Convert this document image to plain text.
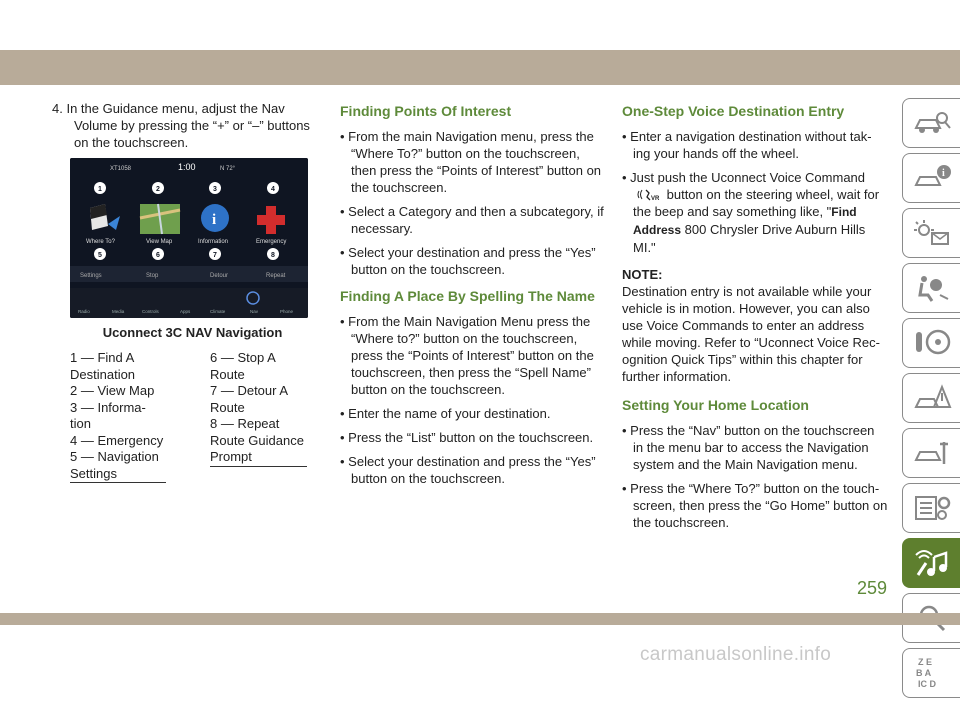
4. In the Guidance menu, adjust the Nav Volume by pressing the “+” or “–” buttons on the touchscreen.

XT1058	1:00	N 72°
i
1	2	3	4
5	6	7	8
Where To?	View Map	Information	Emergency
Settings	Stop	Detour	Repeat
Radio	Media	Controls	Apps	Climate	Nav	Phone
Uconnect 3C NAV Navigation
1 — Find A Destination
2 — View Map
3 — Informa-tion
4 — Emergency
5 — Navigation Settings
6 — Stop A Route
7 — Detour A Route
8 — Repeat Route Guidance Prompt
Finding Points Of Interest

• From the main Navigation menu, press the “Where To?” button on the touchscreen, then press the “Points of Interest” button on the touchscreen.

• Select a Category and then a subcategory, if necessary.

• Select your destination and press the “Yes” button on the touchscreen.

Finding A Place By Spelling The Name

• From the Main Navigation Menu press the “Where to?” button on the touchscreen, press the “Points of Interest” button on the touchscreen, then press the “Spell Name” button on the touchscreen.

• Enter the name of your destination.

• Press the “List” button on the touchscreen.

• Select your destination and press the “Yes” button on the touchscreen.

One-Step Voice Destination Entry

• Enter a navigation destination without tak-ing your hands off the wheel.

• Just push the Uconnect Voice Command

VR button on the steering wheel, wait for the beep and say something like, "Find Address 800 Chrysler Drive Auburn Hills MI."

NOTE:

Destination entry is not available while your vehicle is in motion. However, you can also use Voice Commands to enter an address while moving. Refer to “Uconnect Voice Rec-ognition Quick Tips” within this chapter for further information.

Setting Your Home Location

• Press the “Nav” button on the touchscreen in the menu bar to access the Navigation system and the Main Navigation menu.

• Press the “Where To?” button on the touch-screen, then press the “Go Home” button on the touchscreen.

i
Z E
B A
IC D
259
carmanualsonline.info
